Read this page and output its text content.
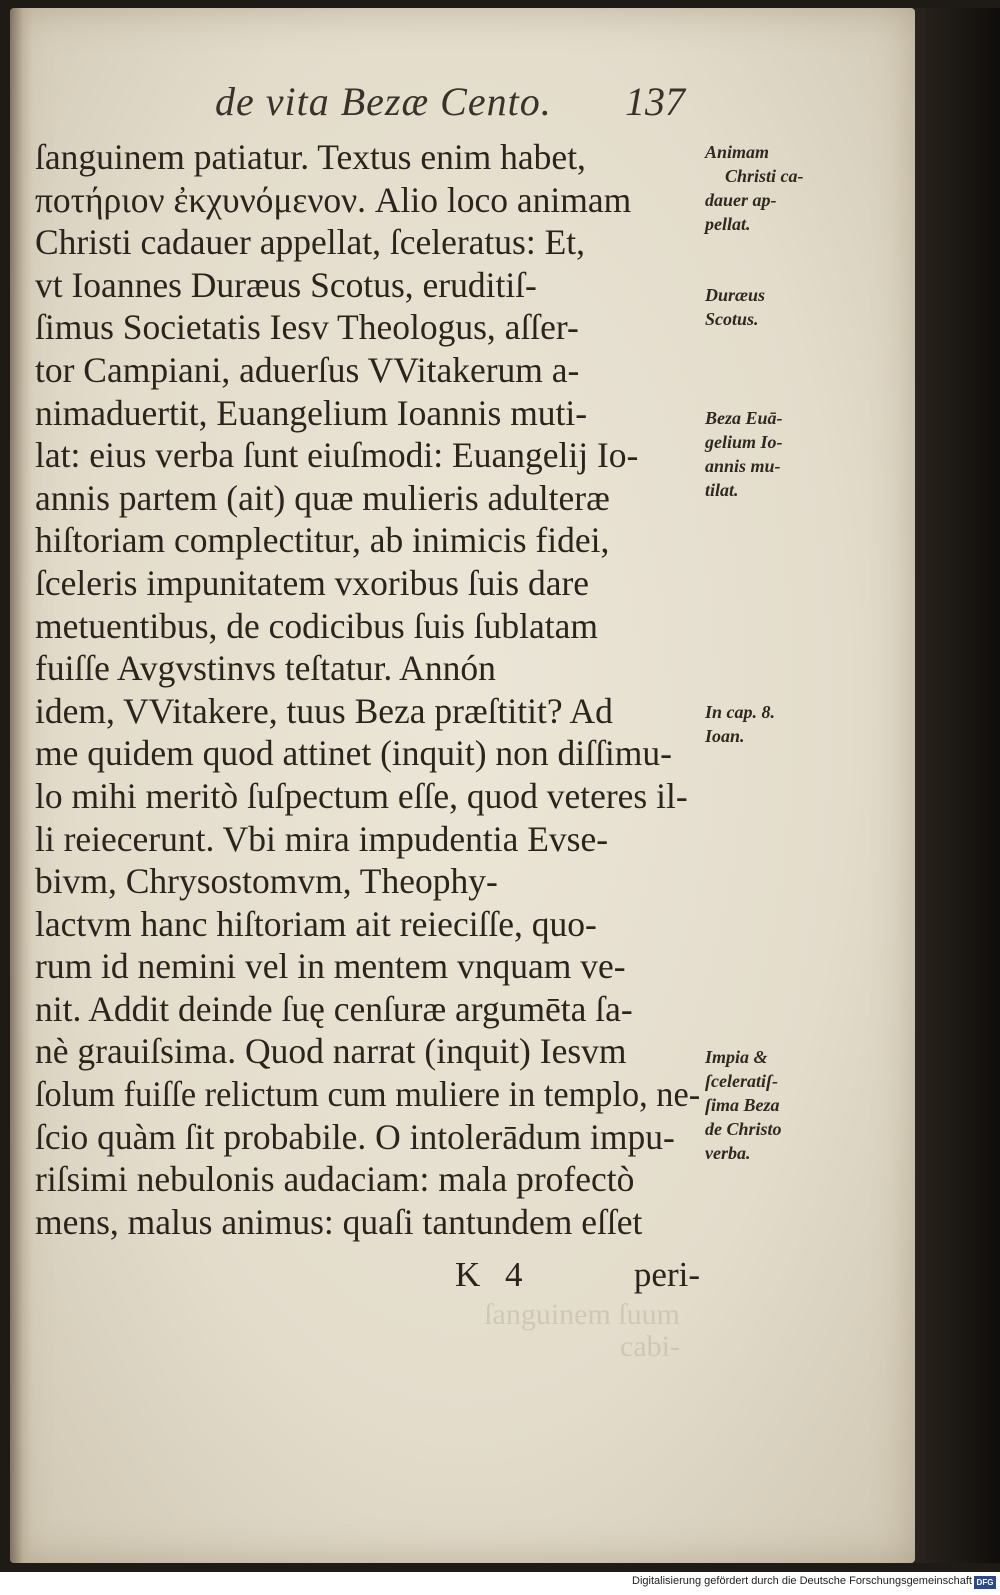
de vita Bezæ Cento. 137
ſanguinem patiatur. Textus enim habet,
ποτήριον ἐκχυνόμενον. Alio loco animam
Christi cadauer appellat, ſceleratus: Et,
vt Ioannes Duræus Scotus, eruditiſ-
ſimus Societatis Iesv Theologus, aſſer-
tor Campiani, aduerſus VVitakerum a-
nimaduertit, Euangelium Ioannis muti-
lat: eius verba ſunt eiuſmodi: Euangelij Io-
annis partem (ait) quæ mulieris adulteræ
hiſtoriam complectitur, ab inimicis fidei,
ſceleris impunitatem vxoribus ſuis dare
metuentibus, de codicibus ſuis ſublatam
fuiſſe Avgvstinvs teſtatur. Annón
idem, VVitakere, tuus Beza præſtitit? Ad
me quidem quod attinet (inquit) non diſſimu-
lo mihi meritò ſuſpectum eſſe, quod veteres il-
li reiecerunt. Vbi mira impudentia Evse-
bivm, Chrysostomvm, Theophy-
lactvm hanc hiſtoriam ait reieciſſe, quo-
rum id nemini vel in mentem vnquam ve-
nit. Addit deinde ſuę cenſuræ argumēta ſa-
nè grauiſsima. Quod narrat (inquit) Iesvm
ſolum fuiſſe relictum cum muliere in templo, ne-
ſcio quàm ſit probabile. O intolerādum impu-
riſsimi nebulonis audaciam: mala profectò
mens, malus animus: quaſi tantundem eſſet
Animam
Christi ca-
dauer ap-
pellat.
Duræus
Scotus.
Beza Euā-
gelium Io-
annis mu-
tilat.
In cap. 8.
Ioan.
Impia &
ſceleratiſ-
ſima Beza
de Christo
verba.
K 4	peri-
ſanguinem ſuum
cabi-
Digitalisierung gefördert durch die Deutsche Forschungsgemeinschaft DFG
